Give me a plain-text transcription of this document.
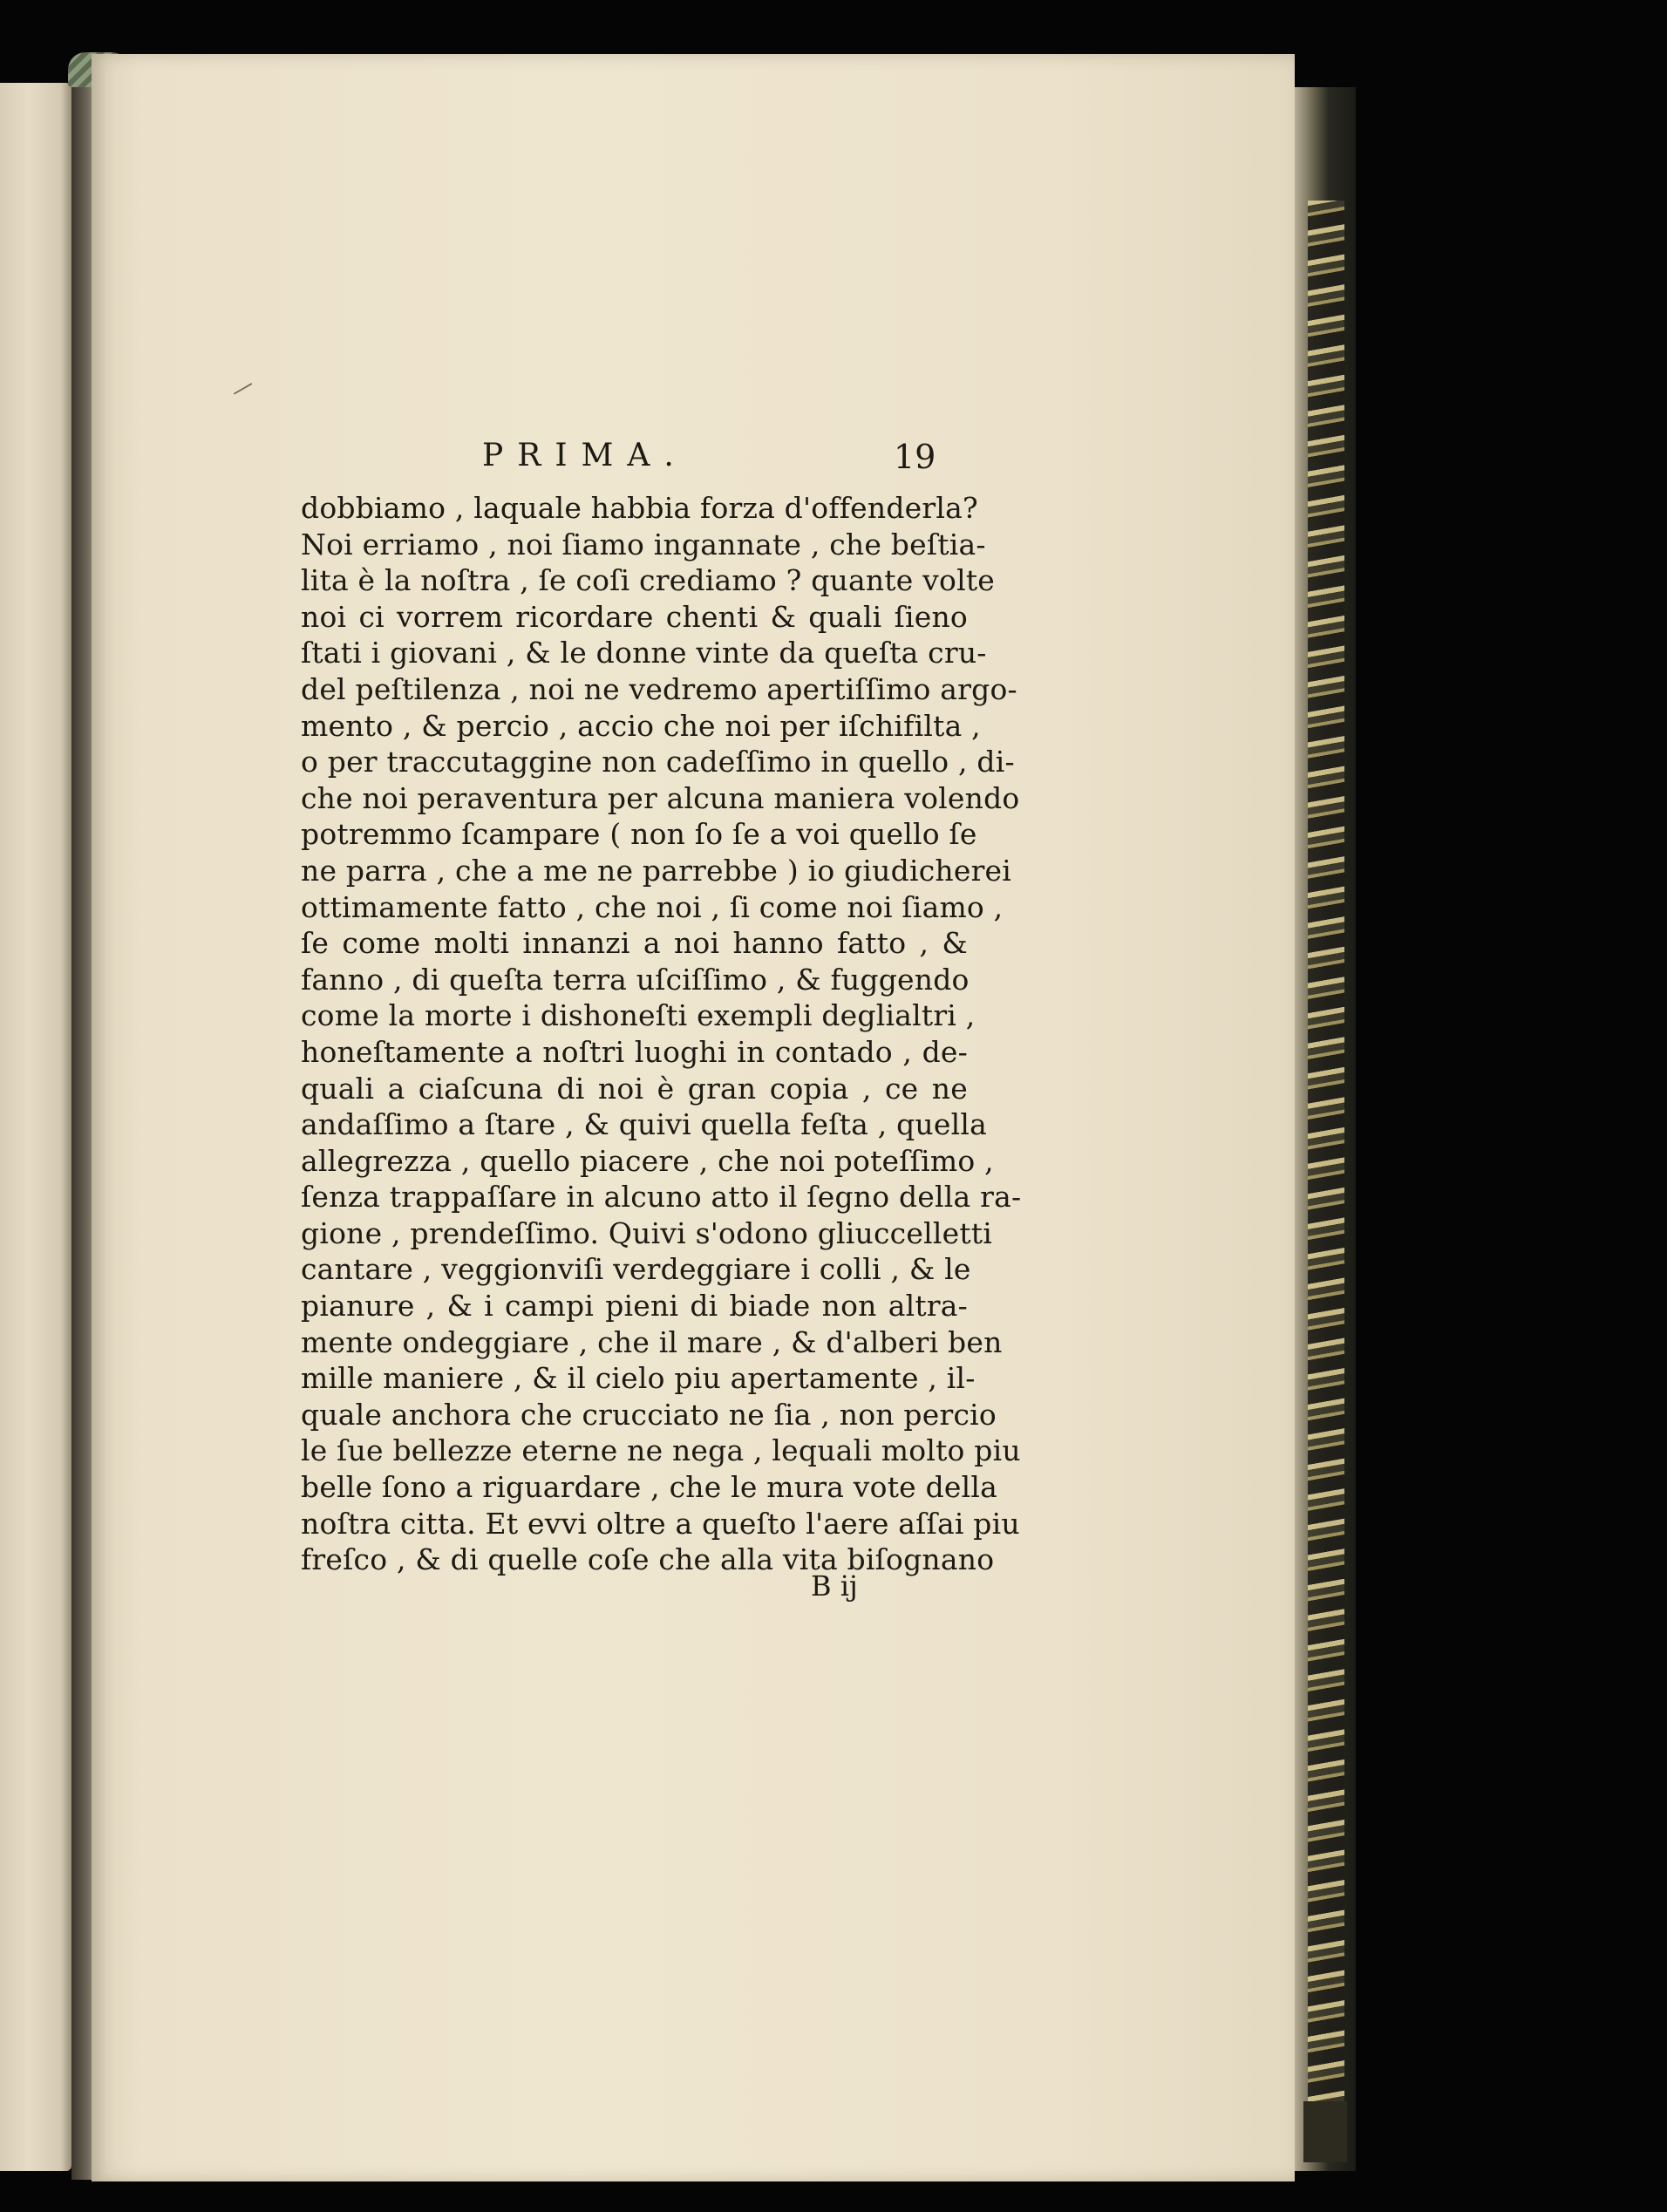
—
PRIMA.	19
dobbiamo , laquale habbia forza d'offenderla?
Noi erriamo , noi ſiamo ingannate , che beſtia-
lita è la noſtra , ſe coſi crediamo ? quante volte
noi ci vorrem ricordare chenti & quali ſieno
ſtati i giovani , & le donne vinte da queſta cru-
del peſtilenza , noi ne vedremo apertiſſimo argo-
mento , & percio , accio che noi per iſchifilta ,
o per traccutaggine non cadeſſimo in quello , di-
che noi peraventura per alcuna maniera volendo
potremmo ſcampare ( non ſo ſe a voi quello ſe
ne parra , che a me ne parrebbe ) io giudicherei
ottimamente fatto , che noi , ſi come noi ſiamo ,
ſe come molti innanzi a noi hanno fatto , &
fanno , di queſta terra uſciſſimo , & fuggendo
come la morte i dishoneſti exempli deglialtri ,
honeſtamente a noſtri luoghi in contado , de-
quali a ciaſcuna di noi è gran copia , ce ne
andaſſimo a ſtare , & quivi quella feſta , quella
allegrezza , quello piacere , che noi poteſſimo ,
ſenza trappaſſare in alcuno atto il ſegno della ra-
gione , prendeſſimo. Quivi s'odono gliuccelletti
cantare , veggionviſi verdeggiare i colli , & le
pianure , & i campi pieni di biade non altra-
mente ondeggiare , che il mare , & d'alberi ben
mille maniere , & il cielo piu apertamente , il-
quale anchora che crucciato ne ſia , non percio
le ſue bellezze eterne ne nega , lequali molto piu
belle ſono a riguardare , che le mura vote della
noſtra citta. Et evvi oltre a queſto l'aere aſſai piu
freſco , & di quelle coſe che alla vita biſognano
B ij
